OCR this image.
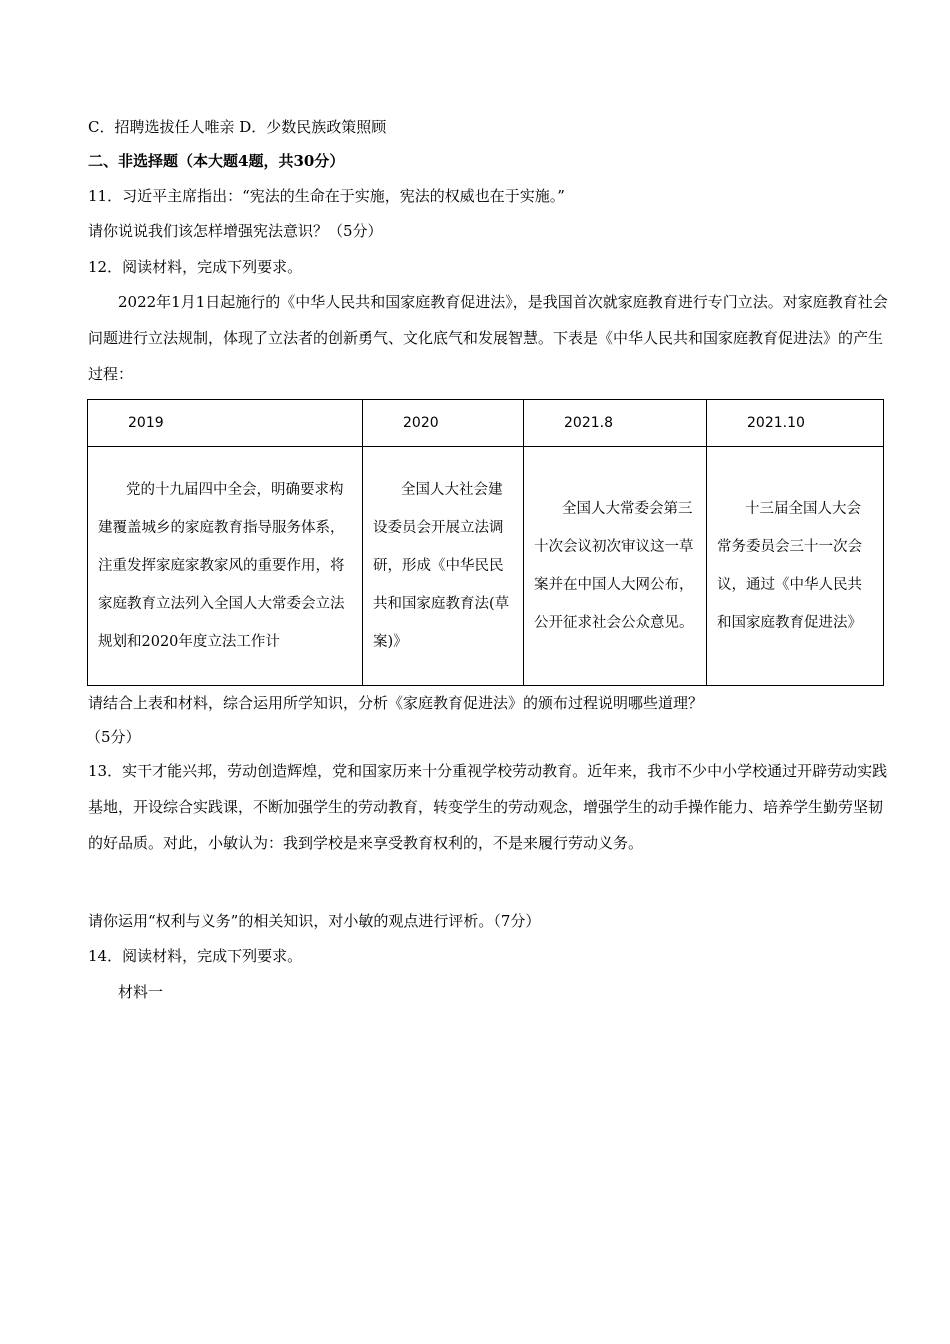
C．招聘选拔任人唯亲 D．少数民族政策照顾
二、非选择题（本大题4题，共30分）
11．习近平主席指出：“宪法的生命在于实施，宪法的权威也在于实施。”
请你说说我们该怎样增强宪法意识？（5分）
12．阅读材料，完成下列要求。
2022年1月1日起施行的《中华人民共和国家庭教育促进法》，是我国首次就家庭教育进行专门立法。对家庭教育社会问题进行立法规制，体现了立法者的创新勇气、文化底气和发展智慧。下表是《中华人民共和国家庭教育促进法》的产生过程：
2019	2020	2021.8	2021.10

党的十九届四中全会，明确要求构建覆盖城乡的家庭教育指导服务体系，注重发挥家庭家教家风的重要作用，将家庭教育立法列入全国人大常委会立法规划和2020年度立法工作计	全国人大社会建设委员会开展立法调研，形成《中华民民共和国家庭教育法(草案)》	全国人大常委会第三十次会议初次审议这一草案并在中国人大网公布，公开征求社会公众意见。	十三届全国人大会常务委员会三十一次会议，通过《中华人民共和国家庭教育促进法》
请结合上表和材料，综合运用所学知识，分析《家庭教育促进法》的颁布过程说明哪些道理？
（5分）
13．实干才能兴邦，劳动创造辉煌，党和国家历来十分重视学校劳动教育。近年来，我市不少中小学校通过开辟劳动实践基地，开设综合实践课，不断加强学生的劳动教育，转变学生的劳动观念，增强学生的动手操作能力、培养学生勤劳坚韧的好品质。对此，小敏认为：我到学校是来享受教育权利的，不是来履行劳动义务。
请你运用“权利与义务”的相关知识，对小敏的观点进行评析。（7分）
14．阅读材料，完成下列要求。
材料一
